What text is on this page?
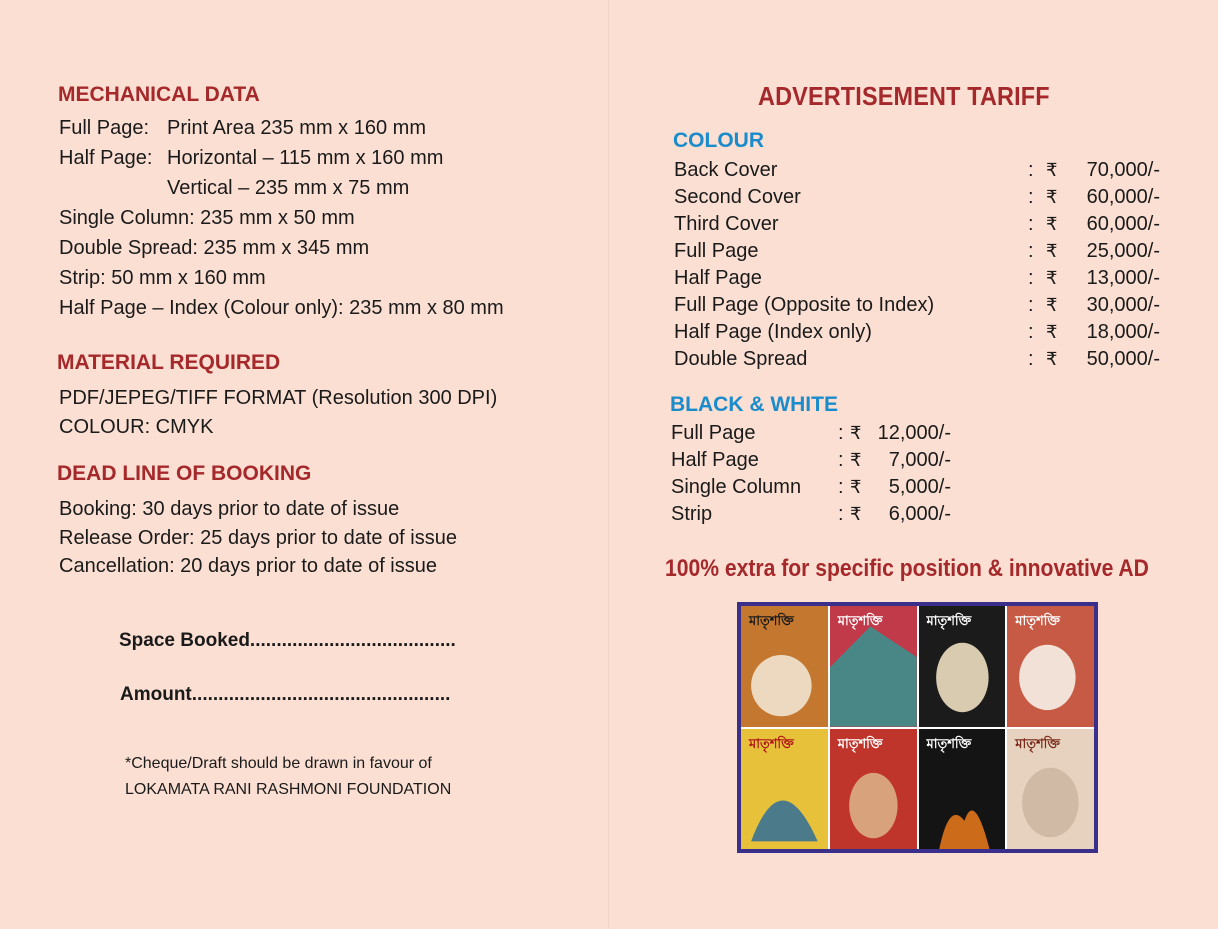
MECHANICAL DATA
Full Page: Print Area 235 mm x 160 mm
Half Page: Horizontal – 115 mm x 160 mm
Vertical – 235 mm x 75 mm
Single Column: 235 mm x 50 mm
Double Spread: 235 mm x 345 mm
Strip: 50 mm x 160 mm
Half Page – Index (Colour only): 235 mm x 80 mm
MATERIAL REQUIRED
PDF/JEPEG/TIFF FORMAT (Resolution 300 DPI)
COLOUR: CMYK
DEAD LINE OF BOOKING
Booking: 30 days prior to date of issue
Release Order: 25 days prior to date of issue
Cancellation: 20 days prior to date of issue
Space Booked.......................................
Amount.................................................
*Cheque/Draft should be drawn in favour of
LOKAMATA RANI RASHMONI FOUNDATION
ADVERTISEMENT TARIFF
COLOUR
Back Cover	: ₹ 70,000/-
Second Cover	: ₹ 60,000/-
Third Cover	: ₹ 60,000/-
Full Page	: ₹ 25,000/-
Half Page	: ₹ 13,000/-
Full Page (Opposite to Index)	: ₹ 30,000/-
Half Page (Index only)	: ₹ 18,000/-
Double Spread	: ₹ 50,000/-
BLACK & WHITE
Full Page	: ₹ 12,000/-
Half Page	: ₹ 7,000/-
Single Column : ₹ 5,000/-
Strip	: ₹ 6,000/-
100% extra for specific position & innovative AD
মাতৃশক্তি	মাতৃশক্তি	মাতৃশক্তি	মাতৃশক্তি
মাতৃশক্তি	মাতৃশক্তি	মাতৃশক্তি	মাতৃশক্তি
